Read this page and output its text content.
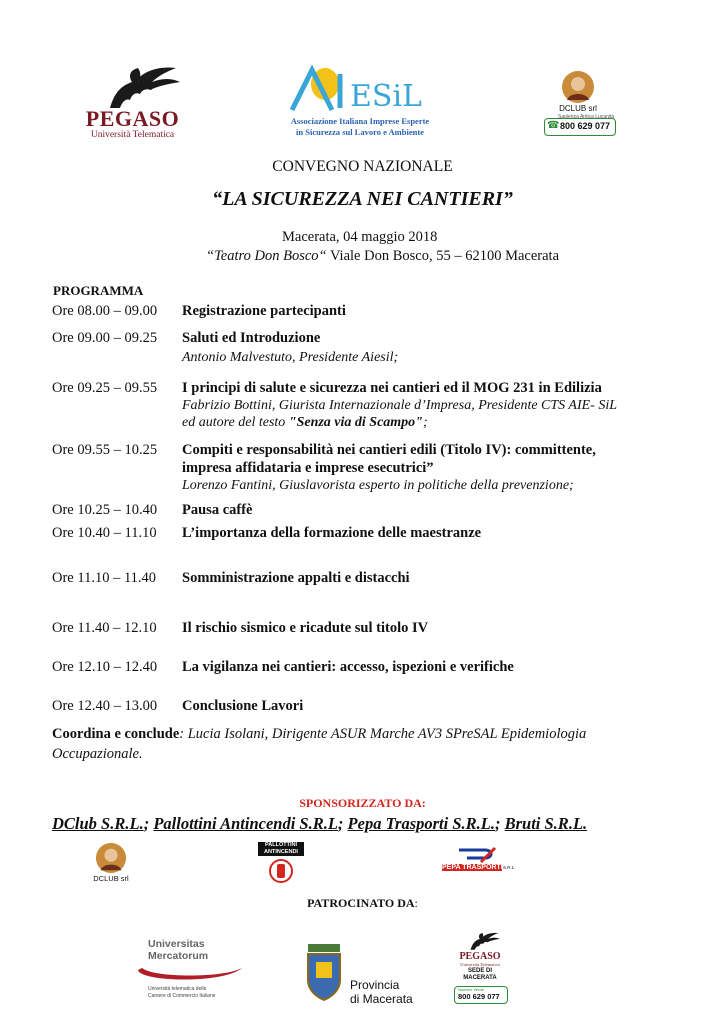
PEGASO
Università Telematica
ESiL
Associazione Italiana Imprese Esperte
in Sicurezza sul Lavoro e Ambiente
DCLUB srl
Sapienza Antica Lucanità
☎ 800 629 077
CONVEGNO NAZIONALE
“LA SICUREZZA NEI CANTIERI”
Macerata, 04 maggio 2018
“Teatro Don Bosco“ Viale Don Bosco, 55 – 62100 Macerata
PROGRAMMA
Ore 08.00 – 09.00 Registrazione partecipanti
Ore 09.00 – 09.25 Saluti ed Introduzione
Antonio Malvestuto, Presidente Aiesil;
Ore 09.25 – 09.55 I principi di salute e sicurezza nei cantieri ed il MOG 231 in Edilizia
Fabrizio Bottini, Giurista Internazionale d’Impresa, Presidente CTS AIE- SiL
ed autore del testo "Senza via di Scampo";
Ore 09.55 – 10.25 Compiti e responsabilità nei cantieri edili (Titolo IV): committente,
impresa affidataria e imprese esecutrici”
Lorenzo Fantini, Giuslavorista esperto in politiche della prevenzione;
Ore 10.25 – 10.40 Pausa caffè
Ore 10.40 – 11.10 L’importanza della formazione delle maestranze
Ore 11.10 – 11.40 Somministrazione appalti e distacchi
Ore 11.40 – 12.10 Il rischio sismico e ricadute sul titolo IV
Ore 12.10 – 12.40 La vigilanza nei cantieri: accesso, ispezioni e verifiche
Ore 12.40 – 13.00 Conclusione Lavori
Coordina e conclude: Lucia Isolani, Dirigente ASUR Marche AV3 SPreSAL Epidemiologia
Occupazionale.
SPONSORIZZATO DA:
DClub S.R.L.; Pallottini Antincendi S.R.L; Pepa Trasporti S.R.L.; Bruti S.R.L.
DCLUB srl
PALLOTTINI ANTINCENDI
PEPA TRASPORTI S.R.L
PATROCINATO DA:
Universitas
Mercatorum
Università telematica delle
Camere di Commercio Italiane
Provincia
di Macerata
PEGASO
Università Telematica
SEDE DI
MACERATA
Numero Verde
800 629 077
